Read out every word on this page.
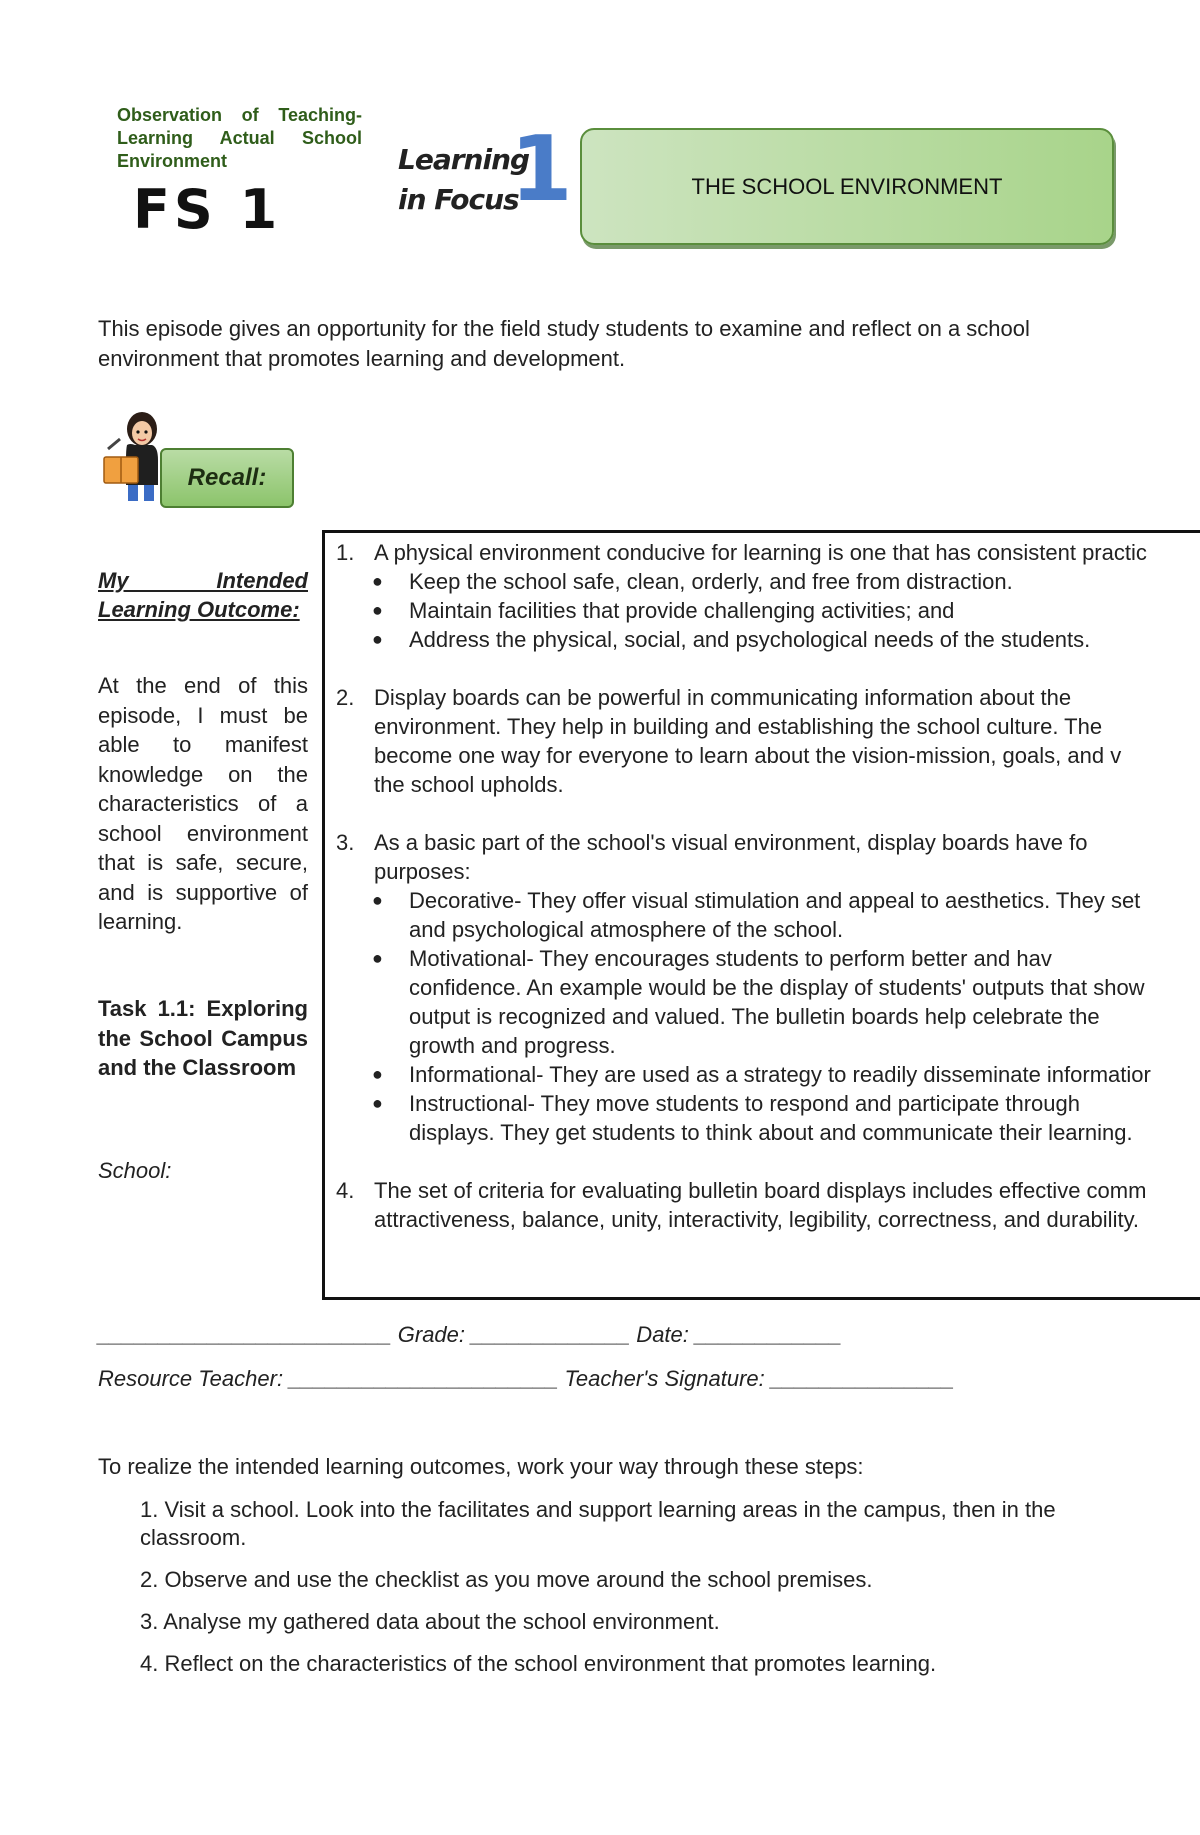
Observation of Teaching-Learning Actual School Environment
FS 1
Learning
in Focus
1	THE SCHOOL ENVIRONMENT
This episode gives an opportunity for the field study students to examine and reflect on a school environment that promotes learning and development.
Recall:
My Intended Learning Outcome:
At the end of this episode, I must be able to manifest knowledge on the characteristics of a school environment that is safe, secure, and is supportive of learning.
Task 1.1: Exploring the School Campus and the Classroom
School:
1. A physical environment conducive for learning is one that has consistent practic
● Keep the school safe, clean, orderly, and free from distraction.
● Maintain facilities that provide challenging activities; and
● Address the physical, social, and psychological needs of the students.
2. Display boards can be powerful in communicating information about the
environment. They help in building and establishing the school culture. The
become one way for everyone to learn about the vision-mission, goals, and v
the school upholds.
3. As a basic part of the school's visual environment, display boards have fo
purposes:
● Decorative- They offer visual stimulation and appeal to aesthetics. They set
and psychological atmosphere of the school.
● Motivational- They encourages students to perform better and hav
confidence. An example would be the display of students' outputs that show
output is recognized and valued. The bulletin boards help celebrate the
growth and progress.
● Informational- They are used as a strategy to readily disseminate informatior
● Instructional- They move students to respond and participate through
displays. They get students to think about and communicate their learning.
4. The set of criteria for evaluating bulletin board displays includes effective comm
attractiveness, balance, unity, interactivity, legibility, correctness, and durability.
________________________ Grade: _____________ Date: ____________
Resource Teacher: ______________________ Teacher's Signature: _______________
To realize the intended learning outcomes, work your way through these steps:
1. Visit a school. Look into the facilitates and support learning areas in the campus, then in the classroom.
2. Observe and use the checklist as you move around the school premises.
3. Analyse my gathered data about the school environment.
4. Reflect on the characteristics of the school environment that promotes learning.
